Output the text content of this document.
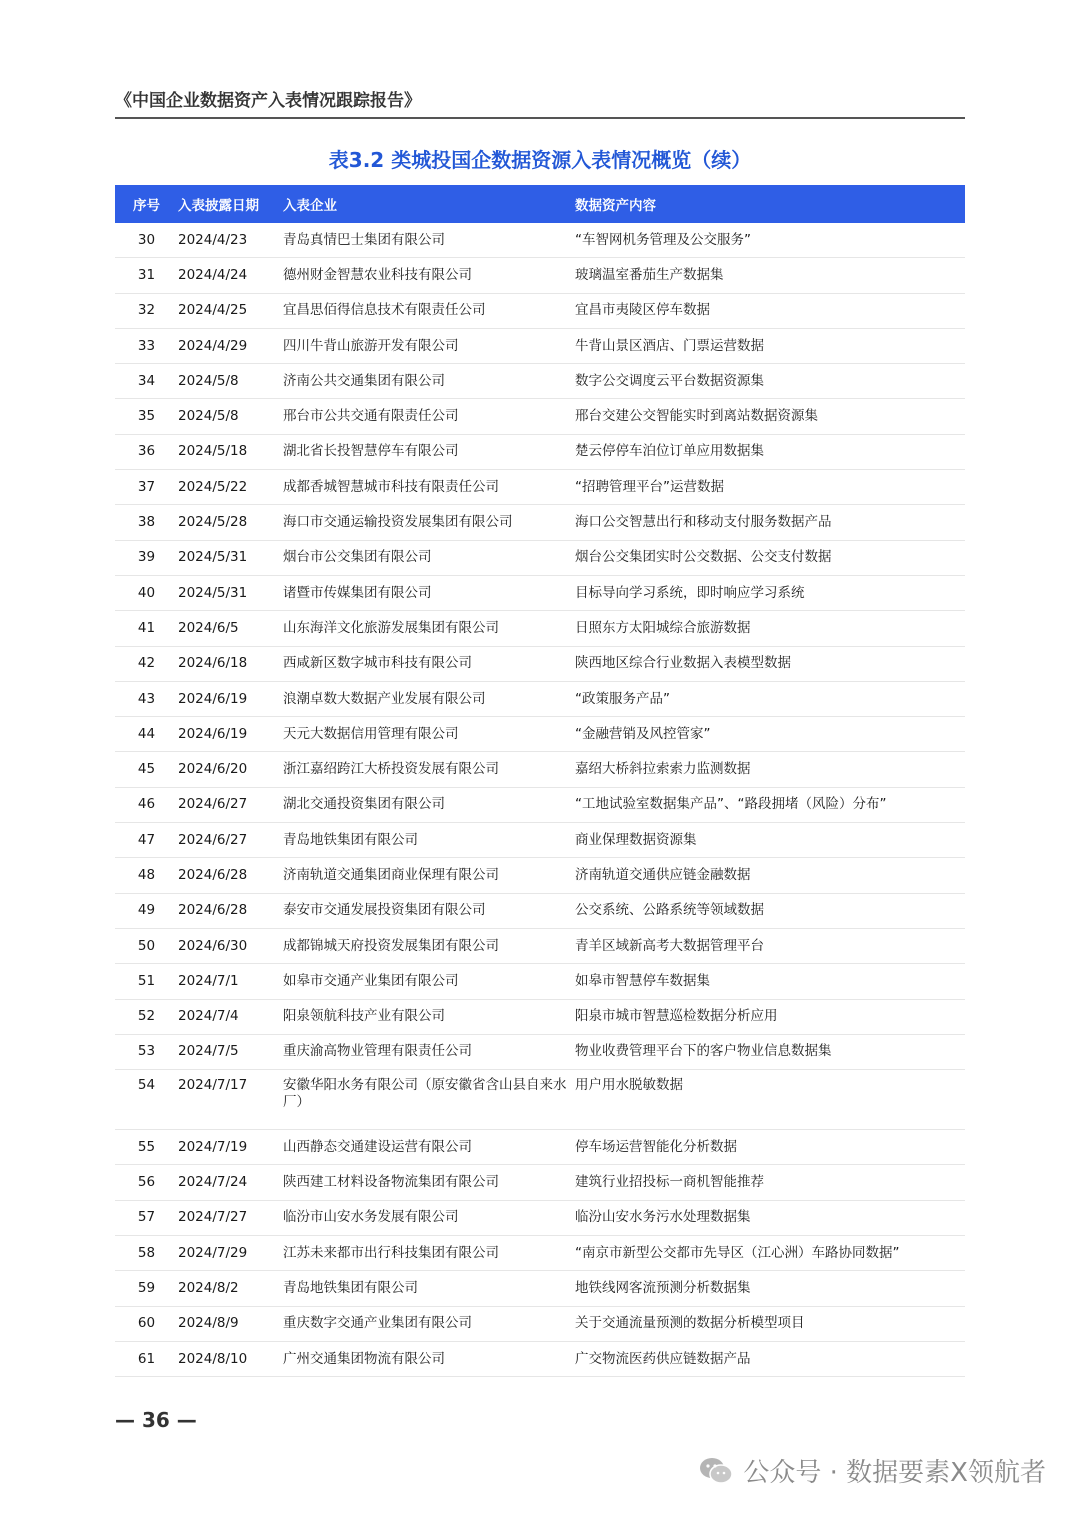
《中国企业数据资产入表情况跟踪报告》
表3.2 类城投国企数据资源入表情况概览（续）
序号	入表披露日期	入表企业	数据资产内容
30	2024/4/23	青岛真情巴士集团有限公司	“车智网机务管理及公交服务”
31	2024/4/24	德州财金智慧农业科技有限公司	玻璃温室番茄生产数据集
32	2024/4/25	宜昌思佰得信息技术有限责任公司	宜昌市夷陵区停车数据
33	2024/4/29	四川牛背山旅游开发有限公司	牛背山景区酒店、门票运营数据
34	2024/5/8	济南公共交通集团有限公司	数字公交调度云平台数据资源集
35	2024/5/8	邢台市公共交通有限责任公司	邢台交建公交智能实时到离站数据资源集
36	2024/5/18	湖北省长投智慧停车有限公司	楚云停停车泊位订单应用数据集
37	2024/5/22	成都香城智慧城市科技有限责任公司	“招聘管理平台”运营数据
38	2024/5/28	海口市交通运输投资发展集团有限公司	海口公交智慧出行和移动支付服务数据产品
39	2024/5/31	烟台市公交集团有限公司	烟台公交集团实时公交数据、公交支付数据
40	2024/5/31	诸暨市传媒集团有限公司	目标导向学习系统，即时响应学习系统
41	2024/6/5	山东海洋文化旅游发展集团有限公司	日照东方太阳城综合旅游数据
42	2024/6/18	西咸新区数字城市科技有限公司	陕西地区综合行业数据入表模型数据
43	2024/6/19	浪潮卓数大数据产业发展有限公司	“政策服务产品”
44	2024/6/19	天元大数据信用管理有限公司	“金融营销及风控管家”
45	2024/6/20	浙江嘉绍跨江大桥投资发展有限公司	嘉绍大桥斜拉索索力监测数据
46	2024/6/27	湖北交通投资集团有限公司	“工地试验室数据集产品”、“路段拥堵（风险）分布”
47	2024/6/27	青岛地铁集团有限公司	商业保理数据资源集
48	2024/6/28	济南轨道交通集团商业保理有限公司	济南轨道交通供应链金融数据
49	2024/6/28	泰安市交通发展投资集团有限公司	公交系统、公路系统等领域数据
50	2024/6/30	成都锦城天府投资发展集团有限公司	青羊区域新高考大数据管理平台
51	2024/7/1	如皋市交通产业集团有限公司	如皋市智慧停车数据集
52	2024/7/4	阳泉领航科技产业有限公司	阳泉市城市智慧巡检数据分析应用
53	2024/7/5	重庆渝高物业管理有限责任公司	物业收费管理平台下的客户物业信息数据集
54	2024/7/17	安徽华阳水务有限公司（原安徽省含山县自来水厂）	用户用水脱敏数据
55	2024/7/19	山西静态交通建设运营有限公司	停车场运营智能化分析数据
56	2024/7/24	陕西建工材料设备物流集团有限公司	建筑行业招投标一商机智能推荐
57	2024/7/27	临汾市山安水务发展有限公司	临汾山安水务污水处理数据集
58	2024/7/29	江苏未来都市出行科技集团有限公司	“南京市新型公交都市先导区（江心洲）车路协同数据”
59	2024/8/2	青岛地铁集团有限公司	地铁线网客流预测分析数据集
60	2024/8/9	重庆数字交通产业集团有限公司	关于交通流量预测的数据分析模型项目
61	2024/8/10	广州交通集团物流有限公司	广交物流医药供应链数据产品
— 36 —
公众号 · 数据要素X领航者
